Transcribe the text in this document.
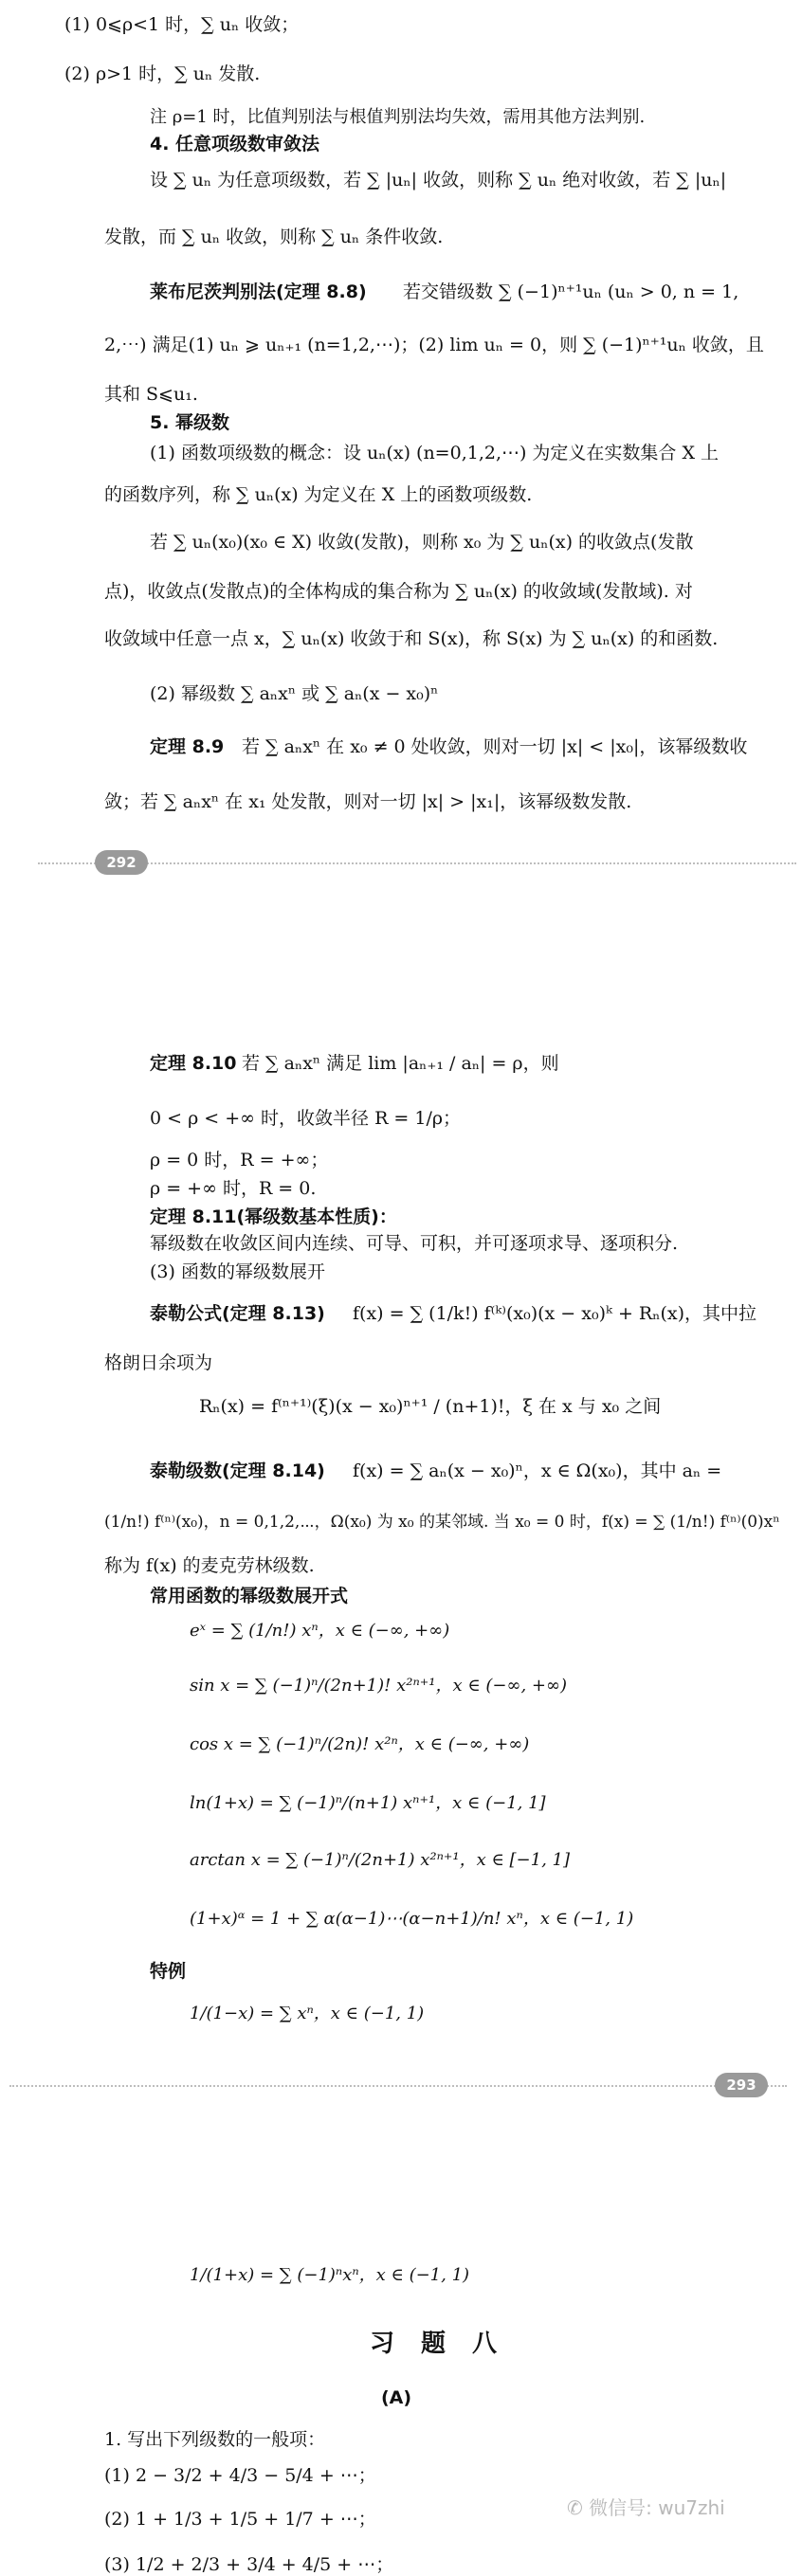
(1) 0⩽ρ<1 时，∑ uₙ 收敛；
(2) ρ>1 时，∑ uₙ 发散.
注 ρ=1 时，比值判别法与根值判别法均失效，需用其他方法判别.
4. 任意项级数审敛法
设 ∑ uₙ 为任意项级数，若 ∑ |uₙ| 收敛，则称 ∑ uₙ 绝对收敛，若 ∑ |uₙ|
发散，而 ∑ uₙ 收敛，则称 ∑ uₙ 条件收敛.
莱布尼茨判别法(定理 8.8) 若交错级数 ∑ (−1)ⁿ⁺¹uₙ (uₙ > 0, n = 1,
2,⋯) 满足(1) uₙ ⩾ uₙ₊₁ (n=1,2,⋯)；(2) lim uₙ = 0，则 ∑ (−1)ⁿ⁺¹uₙ 收敛，且
其和 S⩽u₁.
5. 幂级数
(1) 函数项级数的概念：设 uₙ(x) (n=0,1,2,⋯) 为定义在实数集合 X 上
的函数序列，称 ∑ uₙ(x) 为定义在 X 上的函数项级数.
若 ∑ uₙ(x₀)(x₀ ∈ X) 收敛(发散)，则称 x₀ 为 ∑ uₙ(x) 的收敛点(发散
点)，收敛点(发散点)的全体构成的集合称为 ∑ uₙ(x) 的收敛域(发散域). 对
收敛域中任意一点 x，∑ uₙ(x) 收敛于和 S(x)，称 S(x) 为 ∑ uₙ(x) 的和函数.
(2) 幂级数 ∑ aₙxⁿ 或 ∑ aₙ(x − x₀)ⁿ
定理 8.9 若 ∑ aₙxⁿ 在 x₀ ≠ 0 处收敛，则对一切 |x| < |x₀|，该幂级数收
敛；若 ∑ aₙxⁿ 在 x₁ 处发散，则对一切 |x| > |x₁|，该幂级数发散.
292
定理 8.10 若 ∑ aₙxⁿ 满足 lim |aₙ₊₁ / aₙ| = ρ，则
0 < ρ < +∞ 时，收敛半径 R = 1/ρ；
ρ = 0 时，R = +∞；
ρ = +∞ 时，R = 0.
定理 8.11(幂级数基本性质)：
幂级数在收敛区间内连续、可导、可积，并可逐项求导、逐项积分.
(3) 函数的幂级数展开
泰勒公式(定理 8.13) f(x) = ∑ (1/k!) f⁽ᵏ⁾(x₀)(x − x₀)ᵏ + Rₙ(x)，其中拉
格朗日余项为
Rₙ(x) = f⁽ⁿ⁺¹⁾(ξ)(x − x₀)ⁿ⁺¹ / (n+1)!，ξ 在 x 与 x₀ 之间
泰勒级数(定理 8.14) f(x) = ∑ aₙ(x − x₀)ⁿ，x ∈ Ω(x₀)，其中 aₙ =
(1/n!) f⁽ⁿ⁾(x₀)，n = 0,1,2,⋯，Ω(x₀) 为 x₀ 的某邻域. 当 x₀ = 0 时，f(x) = ∑ (1/n!) f⁽ⁿ⁾(0)xⁿ
称为 f(x) 的麦克劳林级数.
常用函数的幂级数展开式
eˣ = ∑ (1/n!) xⁿ，x ∈ (−∞, +∞)
sin x = ∑ (−1)ⁿ/(2n+1)! x²ⁿ⁺¹，x ∈ (−∞, +∞)
cos x = ∑ (−1)ⁿ/(2n)! x²ⁿ，x ∈ (−∞, +∞)
ln(1+x) = ∑ (−1)ⁿ/(n+1) xⁿ⁺¹，x ∈ (−1, 1]
arctan x = ∑ (−1)ⁿ/(2n+1) x²ⁿ⁺¹，x ∈ [−1, 1]
(1+x)ᵅ = 1 + ∑ α(α−1)⋯(α−n+1)/n! xⁿ，x ∈ (−1, 1)
特例
1/(1−x) = ∑ xⁿ，x ∈ (−1, 1)
293
1/(1+x) = ∑ (−1)ⁿxⁿ，x ∈ (−1, 1)
习题八
(A)
1. 写出下列级数的一般项：
(1) 2 − 3/2 + 4/3 − 5/4 + ⋯；
(2) 1 + 1/3 + 1/5 + 1/7 + ⋯；
(3) 1/2 + 2/3 + 3/4 + 4/5 + ⋯；
✆ 微信号: wu7zhi
